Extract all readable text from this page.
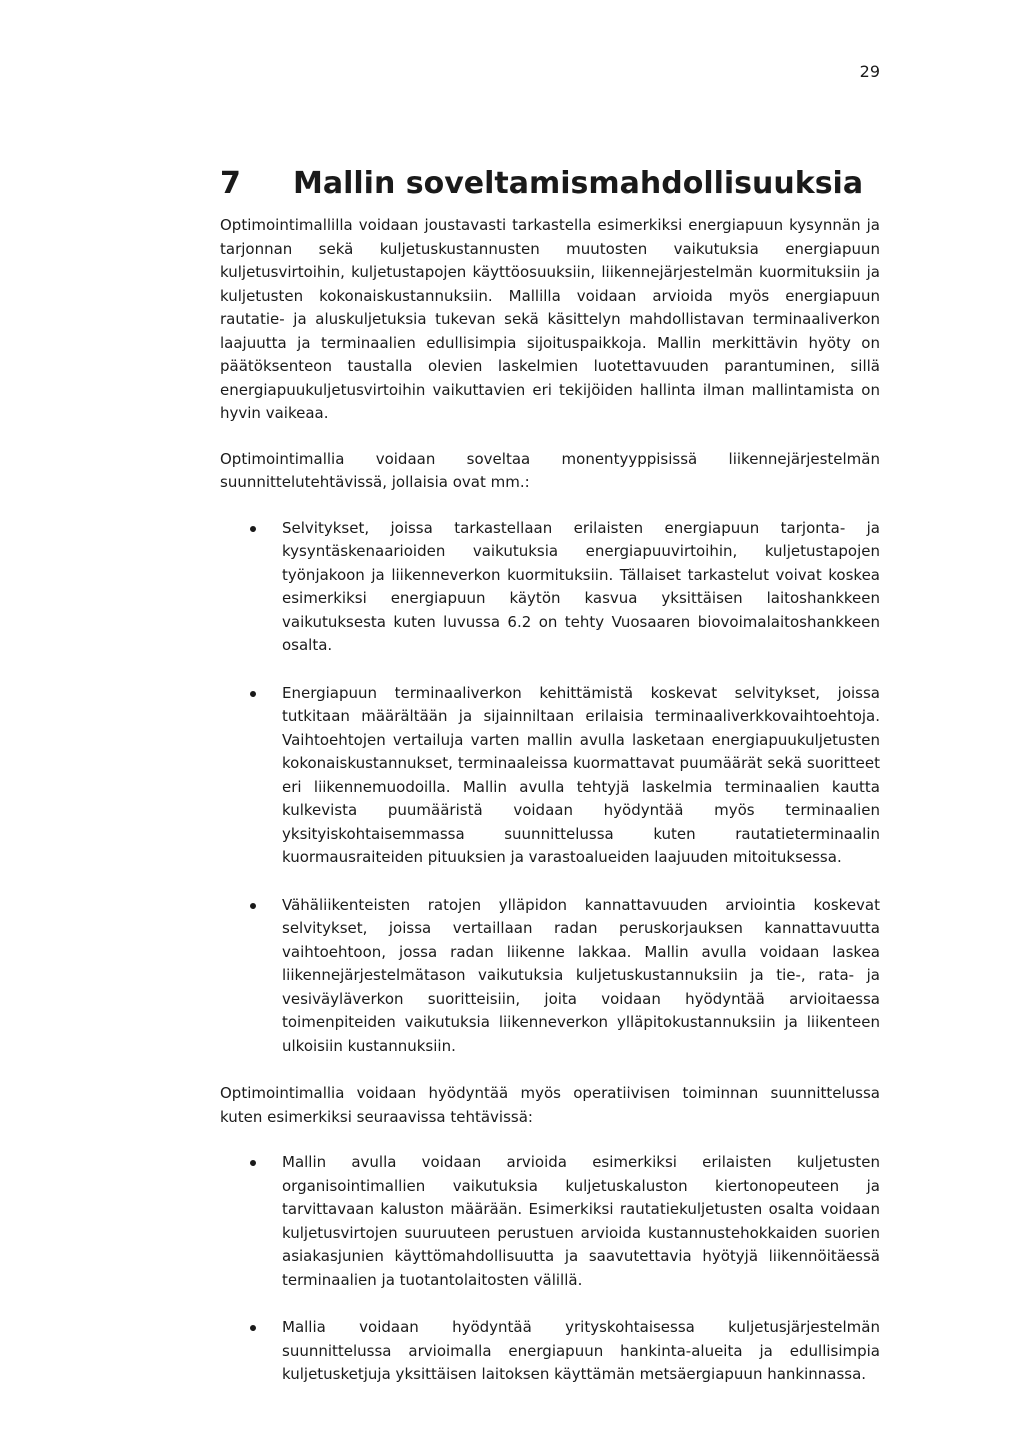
29
7	Mallin soveltamismahdollisuuksia

Optimointimallilla voidaan joustavasti tarkastella esimerkiksi energiapuun kysynnän ja tarjonnan sekä kuljetuskustannusten muutosten vaikutuksia energiapuun kuljetusvirtoihin, kuljetustapojen käyttöosuuksiin, liikennejärjestelmän kuormituksiin ja kuljetusten kokonaiskustannuksiin. Mallilla voidaan arvioida myös energiapuun rautatie- ja aluskuljetuksia tukevan sekä käsittelyn mahdollistavan terminaaliverkon laajuutta ja terminaalien edullisimpia sijoituspaikkoja. Mallin merkittävin hyöty on päätöksenteon taustalla olevien laskelmien luotettavuuden parantuminen, sillä energiapuukuljetusvirtoihin vaikuttavien eri tekijöiden hallinta ilman mallintamista on hyvin vaikeaa.

Optimointimallia voidaan soveltaa monentyyppisissä liikennejärjestelmän suunnittelutehtävissä, jollaisia ovat mm.:

Selvitykset, joissa tarkastellaan erilaisten energiapuun tarjonta- ja kysyntäskenaarioiden vaikutuksia energiapuuvirtoihin, kuljetustapojen työnjakoon ja liikenneverkon kuormituksiin. Tällaiset tarkastelut voivat koskea esimerkiksi energiapuun käytön kasvua yksittäisen laitoshankkeen vaikutuksesta kuten luvussa 6.2 on tehty Vuosaaren biovoimalaitoshankkeen osalta.
Energiapuun terminaaliverkon kehittämistä koskevat selvitykset, joissa tutkitaan määrältään ja sijainniltaan erilaisia terminaaliverkkovaihtoehtoja. Vaihtoehtojen vertailuja varten mallin avulla lasketaan energiapuukuljetusten kokonaiskustannukset, terminaaleissa kuormattavat puumäärät sekä suoritteet eri liikennemuodoilla. Mallin avulla tehtyjä laskelmia terminaalien kautta kulkevista puumääristä voidaan hyödyntää myös terminaalien yksityiskohtaisemmassa suunnittelussa kuten rautatieterminaalin kuormausraiteiden pituuksien ja varastoalueiden laajuuden mitoituksessa.
Vähäliikenteisten ratojen ylläpidon kannattavuuden arviointia koskevat selvitykset, joissa vertaillaan radan peruskorjauksen kannattavuutta vaihtoehtoon, jossa radan liikenne lakkaa. Mallin avulla voidaan laskea liikennejärjestelmätason vaikutuksia kuljetuskustannuksiin ja tie-, rata- ja vesiväyläverkon suoritteisiin, joita voidaan hyödyntää arvioitaessa toimenpiteiden vaikutuksia liikenneverkon ylläpitokustannuksiin ja liikenteen ulkoisiin kustannuksiin.

Optimointimallia voidaan hyödyntää myös operatiivisen toiminnan suunnittelussa kuten esimerkiksi seuraavissa tehtävissä:

Mallin avulla voidaan arvioida esimerkiksi erilaisten kuljetusten organisointimallien vaikutuksia kuljetuskaluston kiertonopeuteen ja tarvittavaan kaluston määrään. Esimerkiksi rautatiekuljetusten osalta voidaan kuljetusvirtojen suuruuteen perustuen arvioida kustannustehokkaiden suorien asiakasjunien käyttömahdollisuutta ja saavutettavia hyötyjä liikennöitäessä terminaalien ja tuotantolaitosten välillä.
Mallia voidaan hyödyntää yrityskohtaisessa kuljetusjärjestelmän suunnittelussa arvioimalla energiapuun hankinta-alueita ja edullisimpia kuljetusketjuja yksittäisen laitoksen käyttämän metsäergiapuun hankinnassa.
